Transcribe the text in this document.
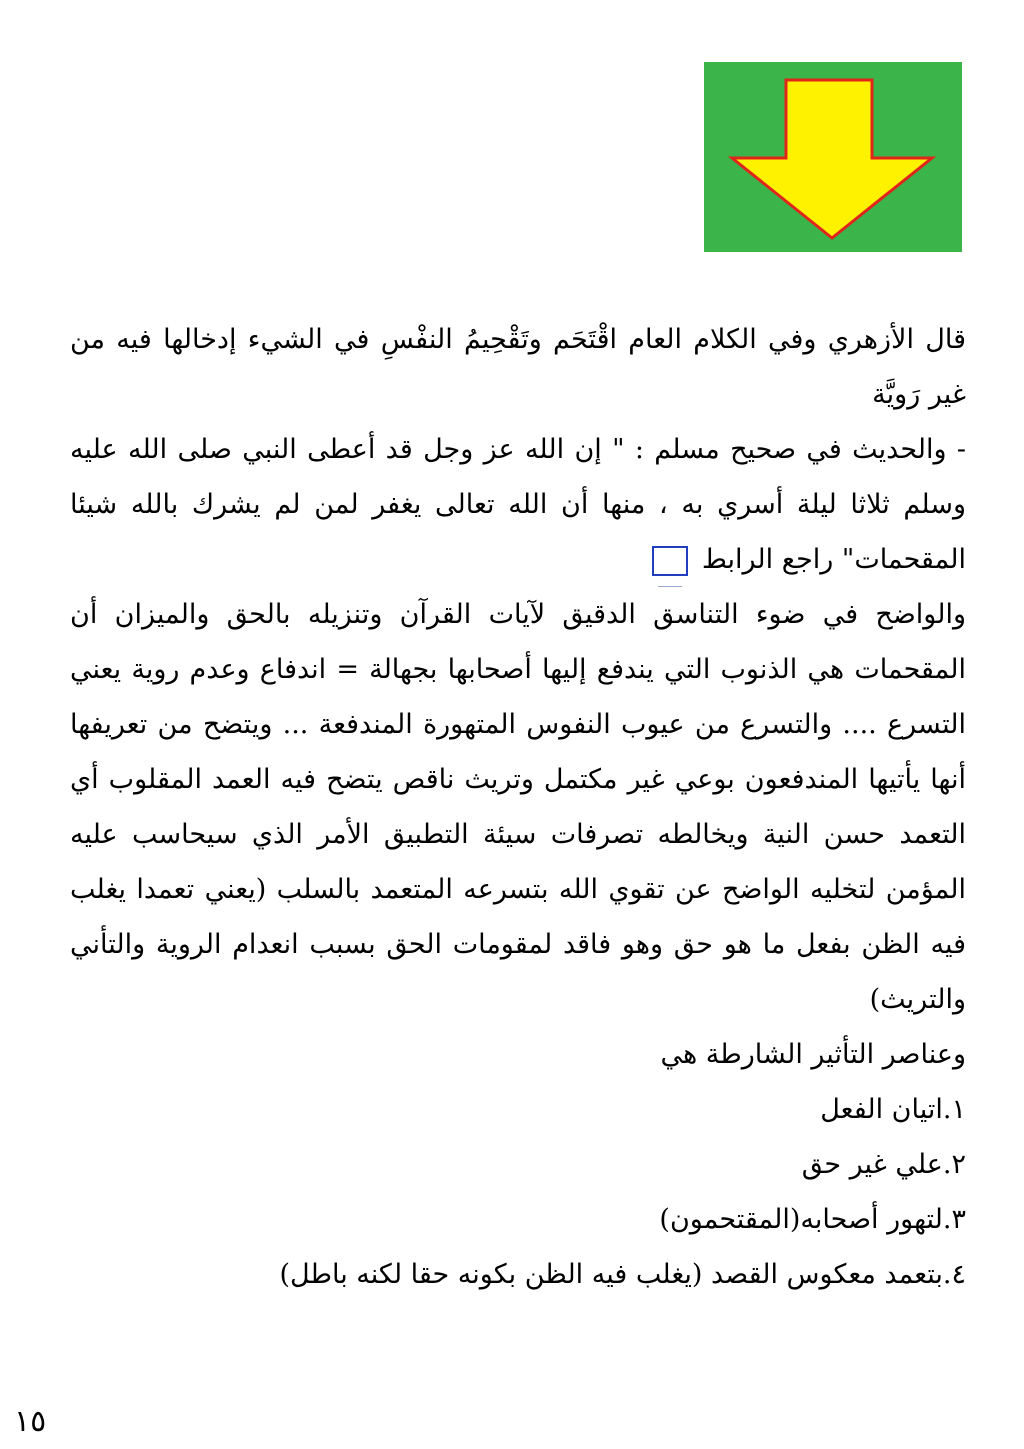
قال الأزهري وفي الكلام العام اقْتَحَم وتَقْحِيمُ النفْسِ في الشيء إدخالها فيه من غير رَويَّة

- والحديث في صحيح مسلم : " إن الله عز وجل قد أعطى النبي صلى الله عليه وسلم ثلاثا ليلة أسري به ، منها أن الله تعالى يغفر لمن لم يشرك بالله شيئا المقحمات" راجع الرابط

والواضح في ضوء التناسق الدقيق لآيات القرآن وتنزيله بالحق والميزان أن المقحمات هي الذنوب التي يندفع إليها أصحابها بجهالة = اندفاع وعدم روية يعني التسرع .... والتسرع من عيوب النفوس المتهورة المندفعة ... ويتضح من تعريفها أنها يأتيها المندفعون بوعي غير مكتمل وتريث ناقص يتضح فيه العمد المقلوب أي التعمد حسن النية ويخالطه تصرفات سيئة التطبيق الأمر الذي سيحاسب عليه المؤمن لتخليه الواضح عن تقوي الله بتسرعه المتعمد بالسلب (يعني تعمدا يغلب فيه الظن بفعل ما هو حق وهو فاقد لمقومات الحق بسبب انعدام الروية والتأني والتريث)

وعناصر التأثير الشارطة هي

١.اتيان الفعل

٢.علي غير حق

٣.لتهور أصحابه(المقتحمون)

٤.بتعمد معكوس القصد (يغلب فيه الظن بكونه حقا لكنه باطل)

١٥
